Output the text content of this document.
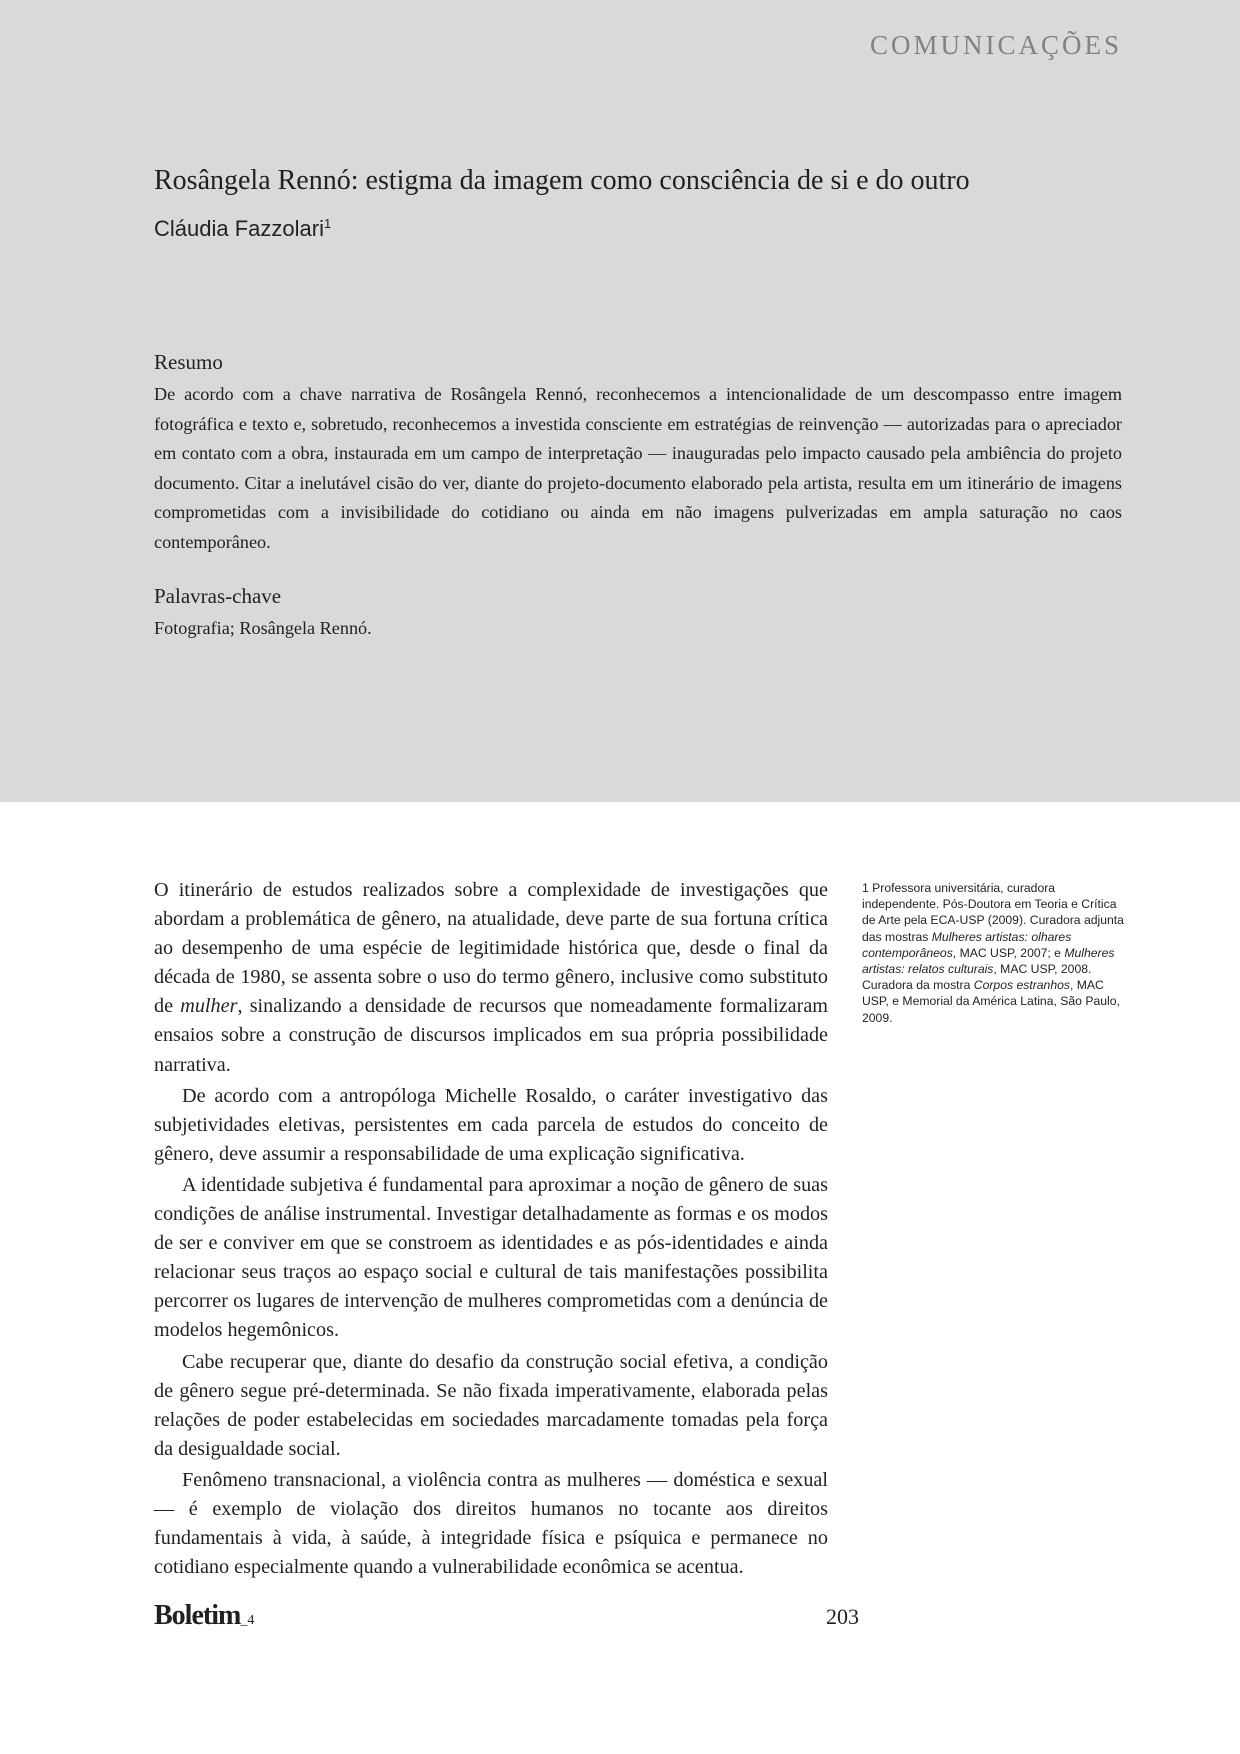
COMUNICAÇÕES
Rosângela Rennó: estigma da imagem como consciência de si e do outro

Cláudia Fazzolari$^1$

Resumo

De acordo com a chave narrativa de Rosângela Rennó, reconhecemos a intencionalidade de um descompasso entre imagem fotográfica e texto e, sobretudo, reconhecemos a investida consciente em estratégias de reinvenção — autorizadas para o apreciador em contato com a obra, instaurada em um campo de interpretação — inauguradas pelo impacto causado pela ambiência do projeto documento. Citar a inelutável cisão do ver, diante do projeto-documento elaborado pela artista, resulta em um itinerário de imagens comprometidas com a invisibilidade do cotidiano ou ainda em não imagens pulverizadas em ampla saturação no caos contemporâneo.

Palavras-chave

Fotografia; Rosângela Rennó.

O itinerário de estudos realizados sobre a complexidade de investigações que abordam a problemática de gênero, na atualidade, deve parte de sua fortuna crítica ao desempenho de uma espécie de legitimidade histórica que, desde o final da década de 1980, se assenta sobre o uso do termo gênero, inclusive como substituto de mulher, sinalizando a densidade de recursos que nomeadamente formalizaram ensaios sobre a construção de discursos implicados em sua própria possibilidade narrativa.

De acordo com a antropóloga Michelle Rosaldo, o caráter investigativo das subjetividades eletivas, persistentes em cada parcela de estudos do conceito de gênero, deve assumir a responsabilidade de uma explicação significativa.

A identidade subjetiva é fundamental para aproximar a noção de gênero de suas condições de análise instrumental. Investigar detalhadamente as formas e os modos de ser e conviver em que se constroem as identidades e as pós-identidades e ainda relacionar seus traços ao espaço social e cultural de tais manifestações possibilita percorrer os lugares de intervenção de mulheres comprometidas com a denúncia de modelos hegemônicos.

Cabe recuperar que, diante do desafio da construção social efetiva, a condição de gênero segue pré-determinada. Se não fixada imperativamente, elaborada pelas relações de poder estabelecidas em sociedades marcadamente tomadas pela força da desigualdade social.

Fenômeno transnacional, a violência contra as mulheres — doméstica e sexual — é exemplo de violação dos direitos humanos no tocante aos direitos fundamentais à vida, à saúde, à integridade física e psíquica e permanece no cotidiano especialmente quando a vulnerabilidade econômica se acentua.

1 Professora universitária, curadora independente. Pós-Doutora em Teoria e Crítica de Arte pela ECA-USP (2009). Curadora adjunta das mostras Mulheres artistas: olhares contemporâneos, MAC USP, 2007; e Mulheres artistas: relatos culturais, MAC USP, 2008. Curadora da mostra Corpos estranhos, MAC USP, e Memorial da América Latina, São Paulo, 2009.

Boletim_4	203
